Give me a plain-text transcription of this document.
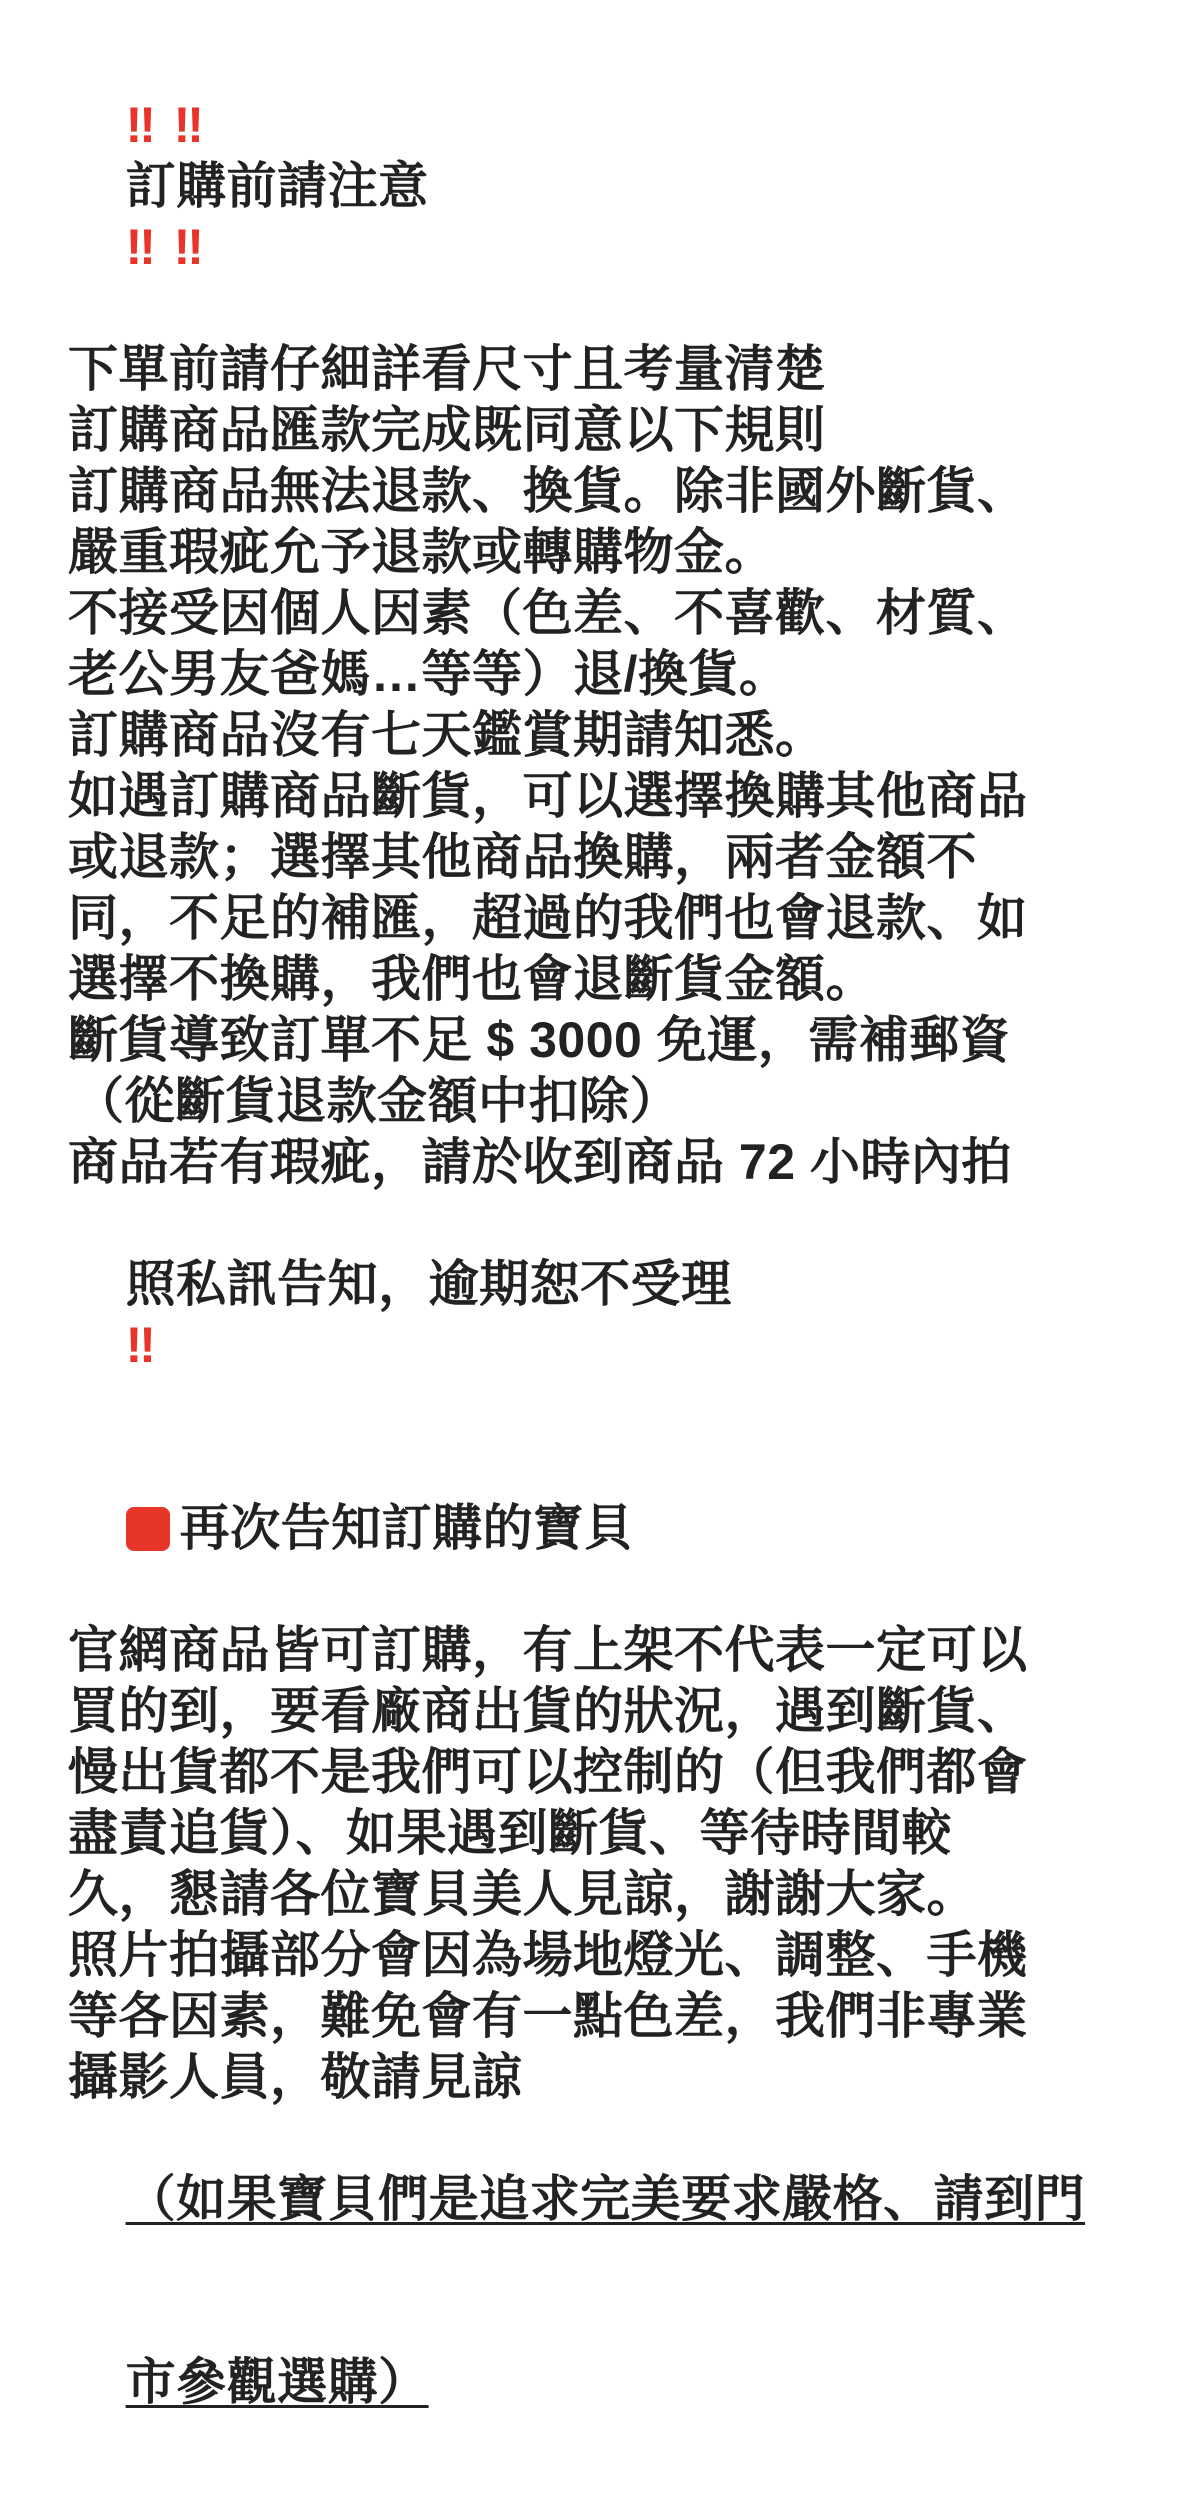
‼ ‼
訂購前請注意
‼ ‼

下單前請仔細詳看尺寸且考量清楚
訂購商品匯款完成既同意以下規則
訂購商品無法退款、換貨。除非國外斷貨、
嚴重瑕疵允予退款或轉購物金。
不接受因個人因素（色差、不喜歡、材質、
老公男友爸媽…等等）退/換貨。
訂購商品沒有七天鑑賞期請知悉。
如遇訂購商品斷貨，可以選擇換購其他商品
或退款；選擇其他商品換購，兩者金額不
同，不足的補匯，超過的我們也會退款、如
選擇不換購，我們也會退斷貨金額。
斷貨導致訂單不足 $ 3000 免運，需補郵資
（從斷貨退款金額中扣除）
商品若有瑕疵，請於收到商品 72 小時內拍

照私訊告知，逾期恕不受理
‼

再次告知訂購的寶貝

官網商品皆可訂購，有上架不代表一定可以
買的到，要看廠商出貨的狀況，遇到斷貨、
慢出貨都不是我們可以控制的（但我們都會
盡責追貨）、如果遇到斷貨、等待時間較
久，懇請各位寶貝美人見諒，謝謝大家。
照片拍攝部分會因為場地燈光、調整、手機
等各因素，難免會有一點色差，我們非專業
攝影人員，敬請見諒

（如果寶貝們是追求完美要求嚴格、請到門

市參觀選購）
